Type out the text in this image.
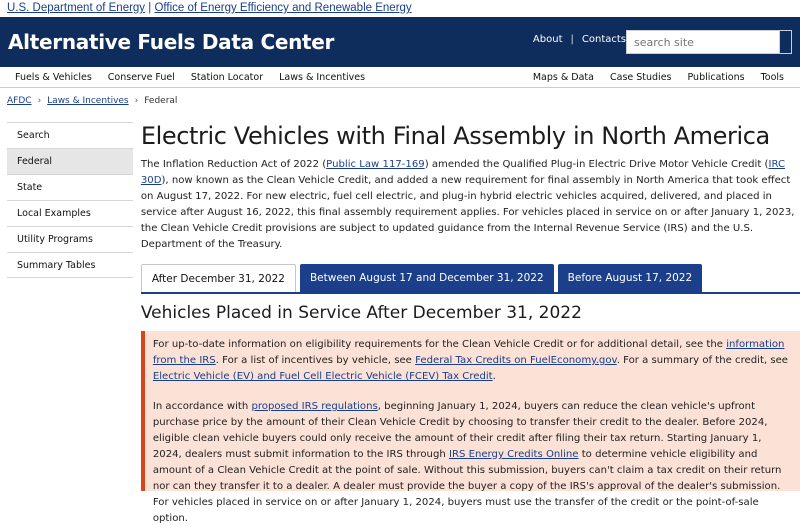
U.S. Department of Energy | Office of Energy Efficiency and Renewable Energy
Alternative Fuels Data Center	About | Contacts
search site
Fuels & Vehicles Conserve Fuel Station Locator Laws & Incentives	Maps & Data Case Studies Publications Tools
AFDC › Laws & Incentives › Federal
Search
Federal
State
Local Examples
Utility Programs
Summary Tables
Electric Vehicles with Final Assembly in North America

The Inflation Reduction Act of 2022 (Public Law 117-169) amended the Qualified Plug-in Electric Drive Motor Vehicle Credit (IRC 30D), now known as the Clean Vehicle Credit, and added a new requirement for final assembly in North America that took effect on August 17, 2022. For new electric, fuel cell electric, and plug-in hybrid electric vehicles acquired, delivered, and placed in service after August 16, 2022, this final assembly requirement applies. For vehicles placed in service on or after January 1, 2023, the Clean Vehicle Credit provisions are subject to updated guidance from the Internal Revenue Service (IRS) and the U.S. Department of the Treasury.

After December 31, 2022	Between August 17 and December 31, 2022	Before August 17, 2022
Vehicles Placed in Service After December 31, 2022

For up-to-date information on eligibility requirements for the Clean Vehicle Credit or for additional detail, see the information from the IRS. For a list of incentives by vehicle, see Federal Tax Credits on FuelEconomy.gov. For a summary of the credit, see Electric Vehicle (EV) and Fuel Cell Electric Vehicle (FCEV) Tax Credit.

In accordance with proposed IRS regulations, beginning January 1, 2024, buyers can reduce the clean vehicle's upfront purchase price by the amount of their Clean Vehicle Credit by choosing to transfer their credit to the dealer. Before 2024, eligible clean vehicle buyers could only receive the amount of their credit after filing their tax return. Starting January 1, 2024, dealers must submit information to the IRS through IRS Energy Credits Online to determine vehicle eligibility and amount of a Clean Vehicle Credit at the point of sale. Without this submission, buyers can't claim a tax credit on their return nor can they transfer it to a dealer. A dealer must provide the buyer a copy of the IRS's approval of the dealer's submission. For vehicles placed in service on or after January 1, 2024, buyers must use the transfer of the credit or the point-of-sale option.
